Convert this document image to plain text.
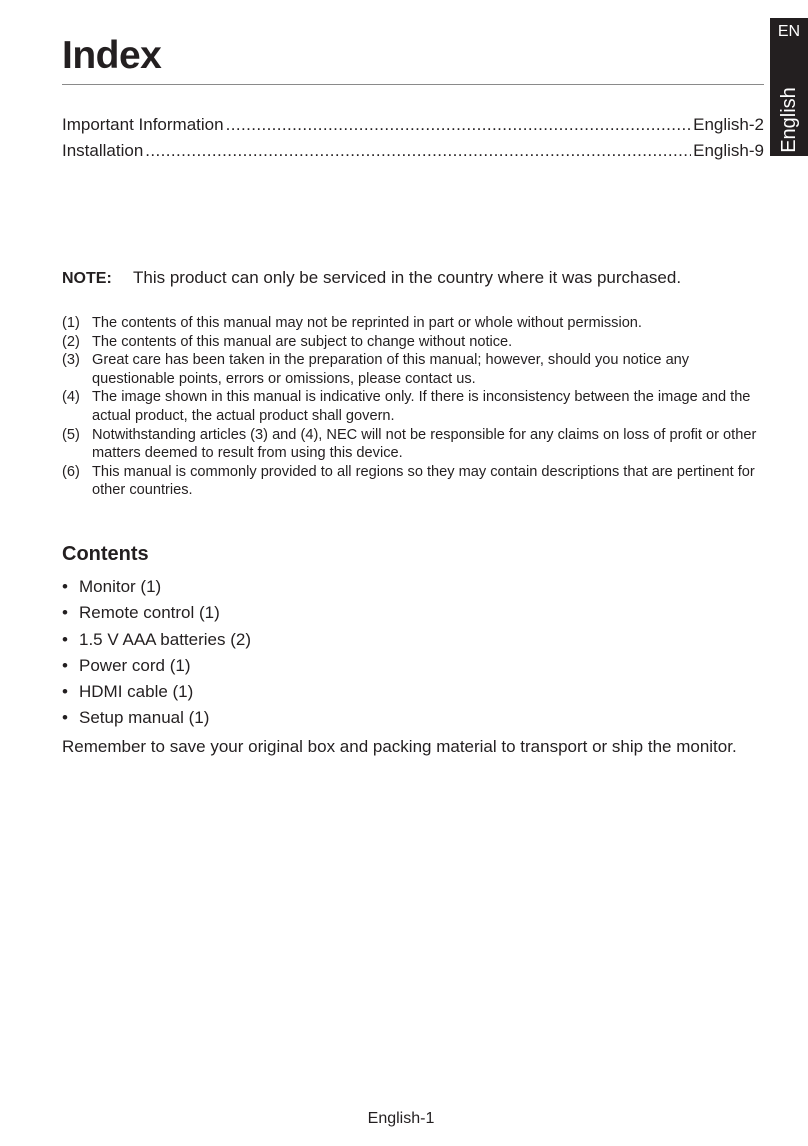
Index
EN
English
Important Information .....	English-2
Installation .....	English-9
NOTE: This product can only be serviced in the country where it was purchased.
(1) The contents of this manual may not be reprinted in part or whole without permission.
(2) The contents of this manual are subject to change without notice.
(3) Great care has been taken in the preparation of this manual; however, should you notice any questionable points, errors or omissions, please contact us.
(4) The image shown in this manual is indicative only. If there is inconsistency between the image and the actual product, the actual product shall govern.
(5) Notwithstanding articles (3) and (4), NEC will not be responsible for any claims on loss of profit or other matters deemed to result from using this device.
(6) This manual is commonly provided to all regions so they may contain descriptions that are pertinent for other countries.
Contents
• Monitor (1)
• Remote control (1)
• 1.5 V AAA batteries (2)
• Power cord (1)
• HDMI cable (1)
• Setup manual (1)
Remember to save your original box and packing material to transport or ship the monitor.
English-1
